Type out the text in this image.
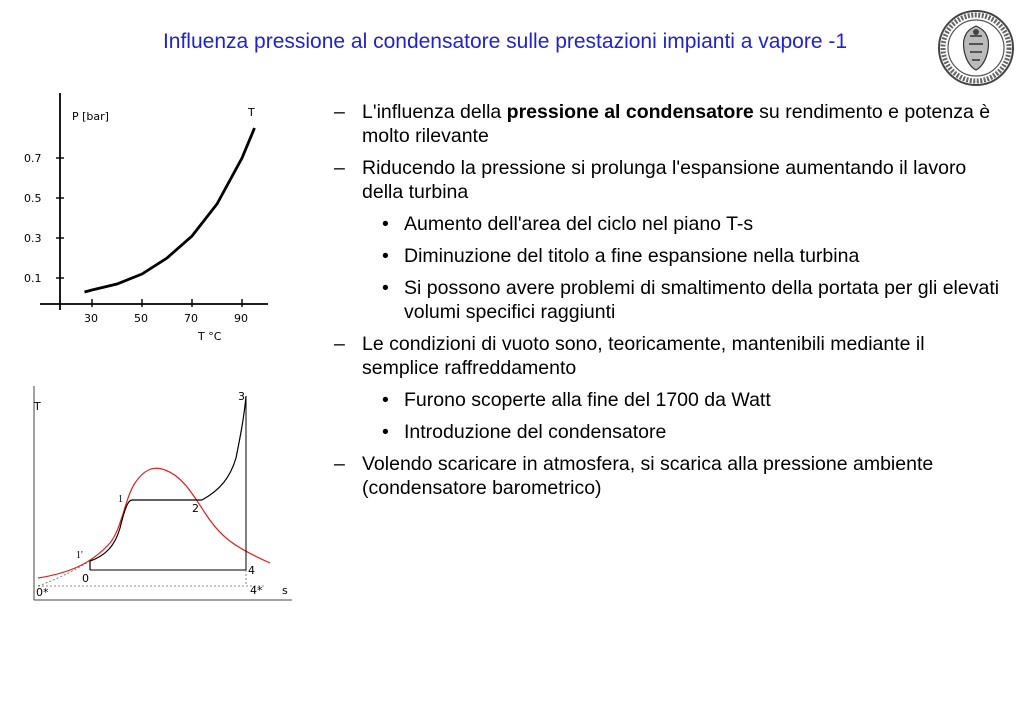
Influenza pressione al condensatore sulle prestazioni impianti a vapore -1
P [bar]	T
T °C
30	50	70	90
0.1
0.3
0.5
0.7
T
s
1
2
3
4
0
1'
0*	4*
– L'influenza della pressione al condensatore su rendimento e potenza è molto rilevante
– Riducendo la pressione si prolunga l'espansione aumentando il lavoro della turbina
• Aumento dell'area del ciclo nel piano T-s
• Diminuzione del titolo a fine espansione nella turbina
• Si possono avere problemi di smaltimento della portata per gli elevati volumi specifici raggiunti
– Le condizioni di vuoto sono, teoricamente, mantenibili mediante il semplice raffreddamento
• Furono scoperte alla fine del 1700 da Watt
• Introduzione del condensatore
– Volendo scaricare in atmosfera, si scarica alla pressione ambiente (condensatore barometrico)
